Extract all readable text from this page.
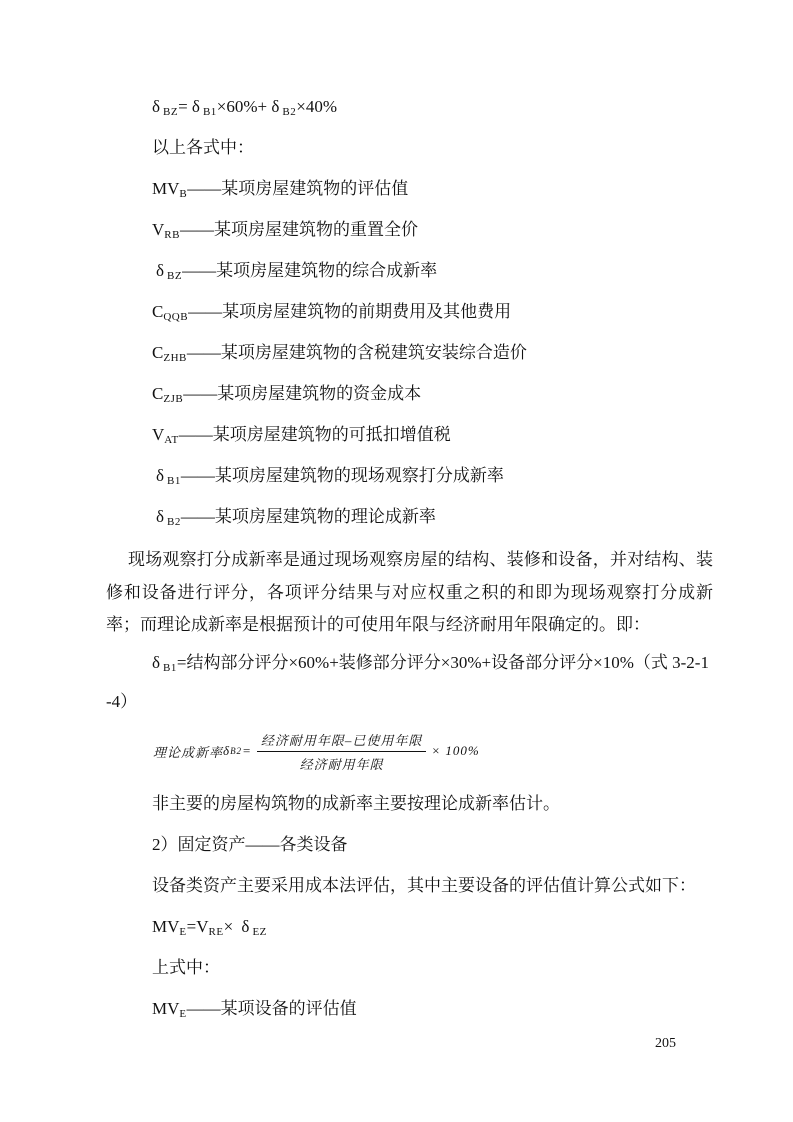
δ $_{BZ}$= δ $_{B1}$×60%+ δ $_{B2}$×40%
以上各式中：
$MV_B——$某项房屋建筑物的评估值
$V_{RB}——$某项房屋建筑物的重置全价
δ $_{BZ}$——某项房屋建筑物的综合成新率
$C_{QQB}——$某项房屋建筑物的前期费用及其他费用
$C_{ZHB}——$某项房屋建筑物的含税建筑安装综合造价
$C_{ZJB}——$某项房屋建筑物的资金成本
$V_{AT}——$某项房屋建筑物的可抵扣增值税
δ $_{B1}$——某项房屋建筑物的现场观察打分成新率
δ $_{B2}$——某项房屋建筑物的理论成新率
现场观察打分成新率是通过现场观察房屋的结构、装修和设备，并对结构、装修和设备进行评分，各项评分结果与对应权重之积的和即为现场观察打分成新率；而理论成新率是根据预计的可使用年限与经济耐用年限确定的。即：
δ $_{B1}$=结构部分评分×60%+装修部分评分×30%+设备部分评分×10%（式 3-2-1-4）
理论成新率 δ $B2 = \frac{\text{经济耐用年限–已使用年限}}{\text{经济耐用年限}} \times 100\%$
非主要的房屋构筑物的成新率主要按理论成新率估计。
2）固定资产——各类设备
设备类资产主要采用成本法评估，其中主要设备的评估值计算公式如下：
$MV_E=V_{RE}\times \delta$ $_{EZ}$
上式中：
$MV_E——$某项设备的评估值
205
